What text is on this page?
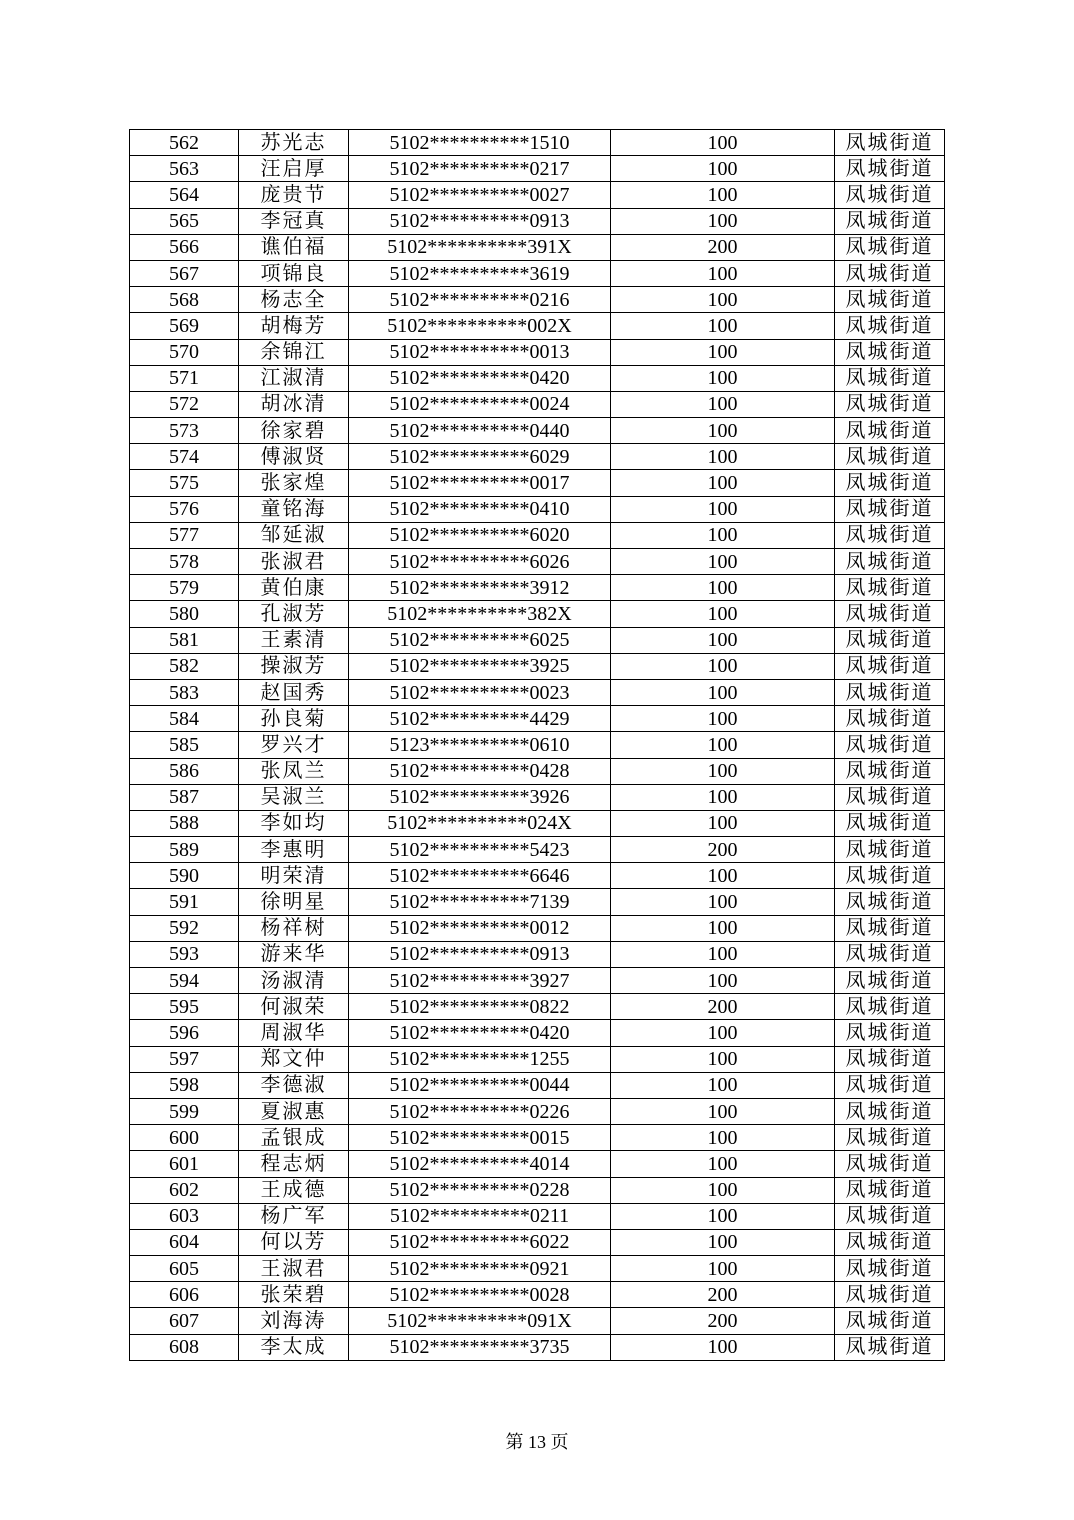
562	苏光志	5102**********1510	100	凤城街道
563	汪启厚	5102**********0217	100	凤城街道
564	庞贵节	5102**********0027	100	凤城街道
565	李冠真	5102**********0913	100	凤城街道
566	谯伯福	5102**********391X	200	凤城街道
567	项锦良	5102**********3619	100	凤城街道
568	杨志全	5102**********0216	100	凤城街道
569	胡梅芳	5102**********002X	100	凤城街道
570	余锦江	5102**********0013	100	凤城街道
571	江淑清	5102**********0420	100	凤城街道
572	胡冰清	5102**********0024	100	凤城街道
573	徐家碧	5102**********0440	100	凤城街道
574	傅淑贤	5102**********6029	100	凤城街道
575	张家煌	5102**********0017	100	凤城街道
576	童铭海	5102**********0410	100	凤城街道
577	邹延淑	5102**********6020	100	凤城街道
578	张淑君	5102**********6026	100	凤城街道
579	黄伯康	5102**********3912	100	凤城街道
580	孔淑芳	5102**********382X	100	凤城街道
581	王素清	5102**********6025	100	凤城街道
582	操淑芳	5102**********3925	100	凤城街道
583	赵国秀	5102**********0023	100	凤城街道
584	孙良菊	5102**********4429	100	凤城街道
585	罗兴才	5123**********0610	100	凤城街道
586	张凤兰	5102**********0428	100	凤城街道
587	吴淑兰	5102**********3926	100	凤城街道
588	李如均	5102**********024X	100	凤城街道
589	李惠明	5102**********5423	200	凤城街道
590	明荣清	5102**********6646	100	凤城街道
591	徐明星	5102**********7139	100	凤城街道
592	杨祥树	5102**********0012	100	凤城街道
593	游来华	5102**********0913	100	凤城街道
594	汤淑清	5102**********3927	100	凤城街道
595	何淑荣	5102**********0822	200	凤城街道
596	周淑华	5102**********0420	100	凤城街道
597	郑文仲	5102**********1255	100	凤城街道
598	李德淑	5102**********0044	100	凤城街道
599	夏淑惠	5102**********0226	100	凤城街道
600	孟银成	5102**********0015	100	凤城街道
601	程志炳	5102**********4014	100	凤城街道
602	王成德	5102**********0228	100	凤城街道
603	杨广军	5102**********0211	100	凤城街道
604	何以芳	5102**********6022	100	凤城街道
605	王淑君	5102**********0921	100	凤城街道
606	张荣碧	5102**********0028	200	凤城街道
607	刘海涛	5102**********091X	200	凤城街道
608	李太成	5102**********3735	100	凤城街道
第 13 页
